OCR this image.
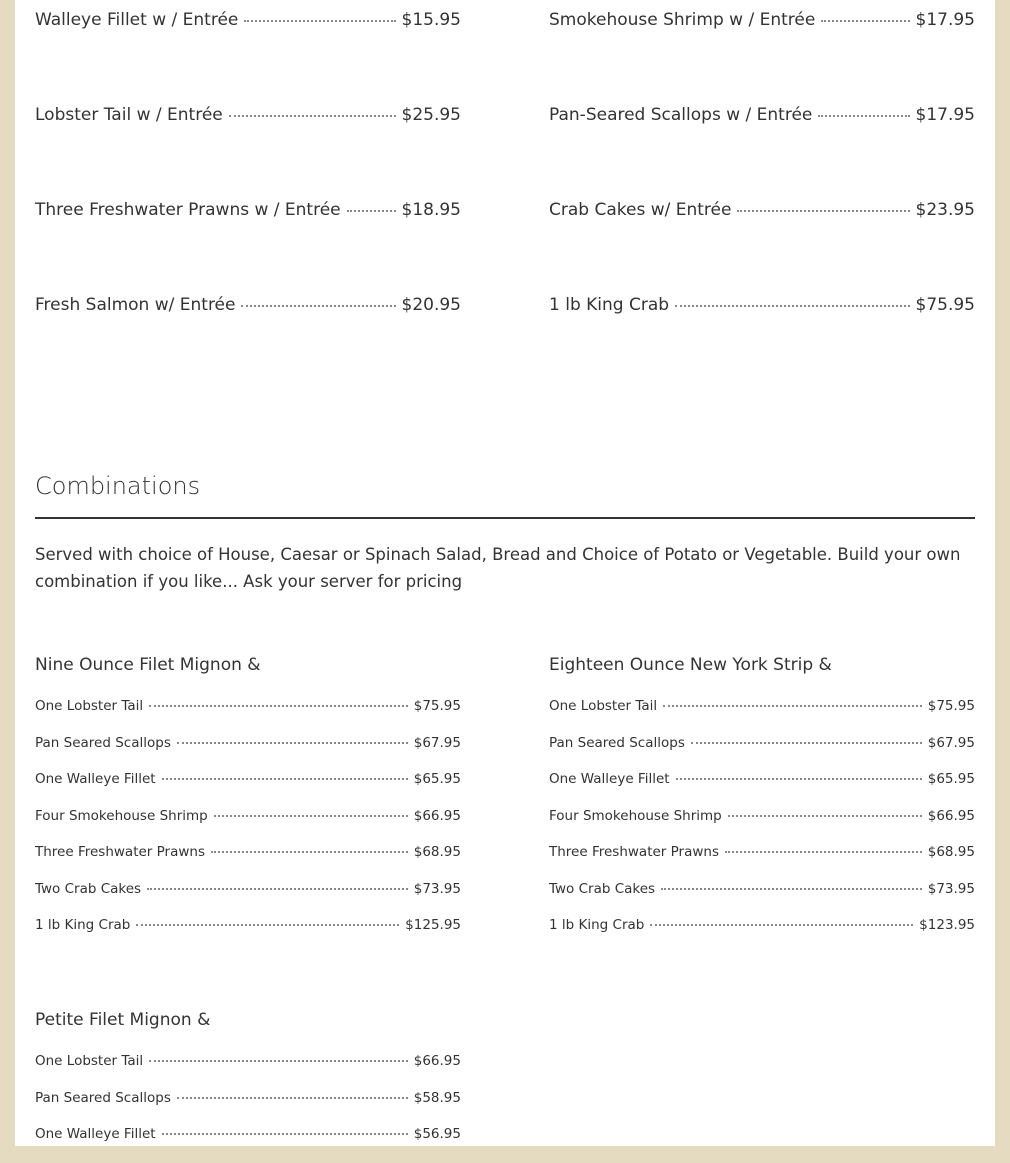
Walleye Fillet w / Entrée	$15.95
Lobster Tail w / Entrée	$25.95
Three Freshwater Prawns w / Entrée	$18.95
Fresh Salmon w/ Entrée	$20.95
Smokehouse Shrimp w / Entrée	$17.95
Pan-Seared Scallops w / Entrée	$17.95
Crab Cakes w/ Entrée	$23.95
1 lb King Crab	$75.95
Combinations
Served with choice of House, Caesar or Spinach Salad, Bread and Choice of Potato or Vegetable. Build your own combination if you like... Ask your server for pricing
Nine Ounce Filet Mignon &
One Lobster Tail	$75.95
Pan Seared Scallops	$67.95
One Walleye Fillet	$65.95
Four Smokehouse Shrimp	$66.95
Three Freshwater Prawns	$68.95
Two Crab Cakes	$73.95
1 lb King Crab	$125.95
Eighteen Ounce New York Strip &
One Lobster Tail	$75.95
Pan Seared Scallops	$67.95
One Walleye Fillet	$65.95
Four Smokehouse Shrimp	$66.95
Three Freshwater Prawns	$68.95
Two Crab Cakes	$73.95
1 lb King Crab	$123.95
Petite Filet Mignon &
One Lobster Tail	$66.95
Pan Seared Scallops	$58.95
One Walleye Fillet	$56.95
